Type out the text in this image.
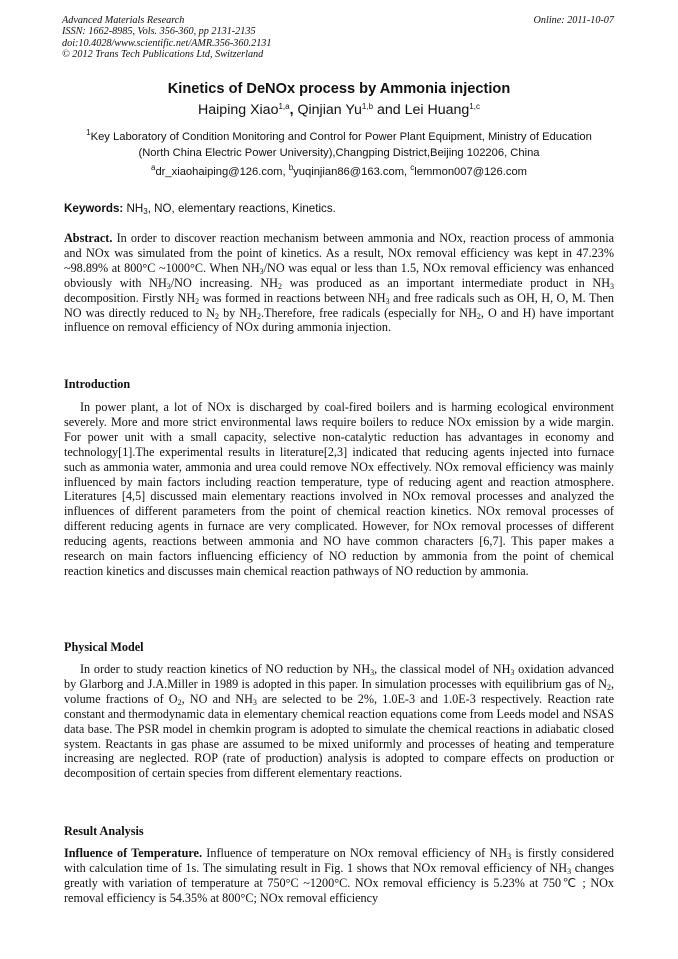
Advanced Materials Research
ISSN: 1662-8985, Vols. 356-360, pp 2131-2135
doi:10.4028/www.scientific.net/AMR.356-360.2131
© 2012 Trans Tech Publications Ltd, Switzerland
Online: 2011-10-07
Kinetics of DeNOx process by Ammonia injection
Haiping Xiao$^{1,a}$, Qinjian Yu$^{1,b}$ and Lei Huang$^{1,c}$
$^1$Key Laboratory of Condition Monitoring and Control for Power Plant Equipment, Ministry of Education (North China Electric Power University),Changping District,Beijing 102206, China
$^a$dr_xiaohaiping@126.com, $^b$yuqinjian86@163.com, $^c$lemmon007@126.com
Keywords: $NH_3$, NO, elementary reactions, Kinetics.

Abstract. In order to discover reaction mechanism between ammonia and NOx, reaction process of ammonia and NOx was simulated from the point of kinetics. As a result, NOx removal efficiency was kept in 47.23% ~98.89% at 800°C ~1000°C. When $NH_3/NO$ was equal or less than 1.5, NOx removal efficiency was enhanced obviously with $NH_3/NO$ increasing. $NH_2$ was produced as an important intermediate product in $NH_3$ decomposition. Firstly $NH_2$ was formed in reactions between $NH_3$ and free radicals such as OH, H, O, M. Then NO was directly reduced to $N_2$ by $NH_2.Therefore$, free radicals (especially for $NH_2$, O and H) have important influence on removal efficiency of NOx during ammonia injection.

Introduction

In power plant, a lot of NOx is discharged by coal-fired boilers and is harming ecological environment severely. More and more strict environmental laws require boilers to reduce NOx emission by a wide margin. For power unit with a small capacity, selective non-catalytic reduction has advantages in economy and technology[1].The experimental results in literature[2,3] indicated that reducing agents injected into furnace such as ammonia water, ammonia and urea could remove NOx effectively. NOx removal efficiency was mainly influenced by main factors including reaction temperature, type of reducing agent and reaction atmosphere. Literatures [4,5] discussed main elementary reactions involved in NOx removal processes and analyzed the influences of different parameters from the point of chemical reaction kinetics. NOx removal processes of different reducing agents in furnace are very complicated. However, for NOx removal processes of different reducing agents, reactions between ammonia and NO have common characters [6,7]. This paper makes a research on main factors influencing efficiency of NO reduction by ammonia from the point of chemical reaction kinetics and discusses main chemical reaction pathways of NO reduction by ammonia.

Physical Model

In order to study reaction kinetics of NO reduction by $NH_3$, the classical model of $NH_3$ oxidation advanced by Glarborg and J.A.Miller in 1989 is adopted in this paper. In simulation processes with equilibrium gas of $N_2$, volume fractions of $O_2$, NO and $NH_3$ are selected to be 2%, 1.0E-3 and 1.0E-3 respectively. Reaction rate constant and thermodynamic data in elementary chemical reaction equations come from Leeds model and NSAS data base. The PSR model in chemkin program is adopted to simulate the chemical reactions in adiabatic closed system. Reactants in gas phase are assumed to be mixed uniformly and processes of heating and temperature increasing are neglected. ROP (rate of production) analysis is adopted to compare effects on production or decomposition of certain species from different elementary reactions.

Result Analysis

Influence of Temperature. Influence of temperature on NOx removal efficiency of $NH_3$ is firstly considered with calculation time of 1s. The simulating result in Fig. 1 shows that NOx removal efficiency of $NH_3$ changes greatly with variation of temperature at 750°C ~1200°C. NOx removal efficiency is 5.23% at 750℃ ; NOx removal efficiency is 54.35% at 800°C; NOx removal efficiency
